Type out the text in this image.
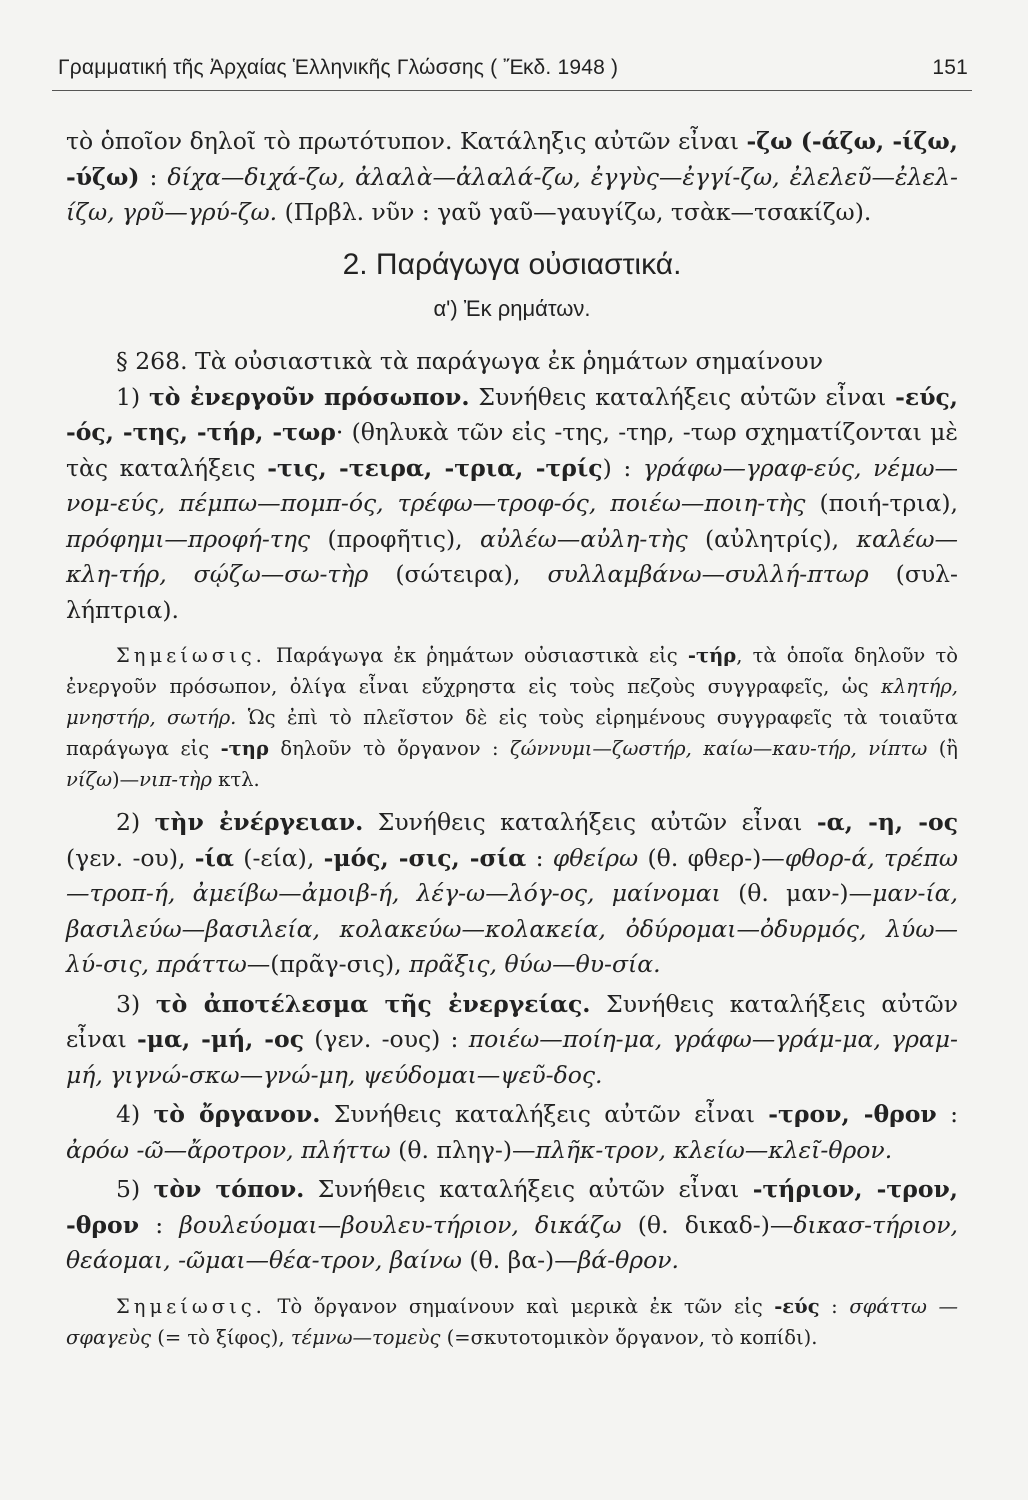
Γραμματική τῆς Ἀρχαίας Ἑλληνικῆς Γλώσσης ( Ἔκδ. 1948 )	151

τὸ ὁποῖον δηλοῖ τὸ πρωτότυπον. Κατάληξις αὐτῶν εἶναι -ζω (-άζω, -ίζω, -ύζω) : δίχα—διχά-ζω, ἀλαλὰ—ἀλαλά-ζω, ἐγγὺς—ἐγγί-ζω, ἐλελεῦ—ἐλελ-ίζω, γρῦ—γρύ-ζω. (Πρβλ. νῦν : γαῦ γαῦ—γαυγίζω, τσὰκ—τσακίζω).

2. Παράγωγα οὐσιαστικά.

α') Ἐκ ρημάτων.

§ 268. Τὰ οὐσιαστικὰ τὰ παράγωγα ἐκ ῥημάτων σημαίνουν

1) τὸ ἐνεργοῦν πρόσωπον. Συνήθεις καταλήξεις αὐτῶν εἶναι -εύς, -ός, -της, -τήρ, -τωρ· (θηλυκὰ τῶν εἰς -της, -τηρ, -τωρ σχηματίζονται μὲ τὰς καταλήξεις -τις, -τειρα, -τρια, -τρίς) : γράφω—γραφ-εύς, νέμω—νομ-εύς, πέμπω—πομπ-ός, τρέφω—τροφ-ός, ποιέω—ποιη-τὴς (ποιή-τρια), πρόφημι—προφή-της (προφῆτις), αὐλέω—αὐλη-τὴς (αὐλητρίς), καλέω—κλη-τήρ, σῴζω—σω-τὴρ (σώτειρα), συλλαμβάνω—συλλή-πτωρ (συλ-λήπτρια).

Σημείωσις. Παράγωγα ἐκ ῥημάτων οὐσιαστικὰ εἰς -τήρ, τὰ ὁποῖα δηλοῦν τὸ ἐνεργοῦν πρόσωπον, ὀλίγα εἶναι εὔχρηστα εἰς τοὺς πεζοὺς συγγραφεῖς, ὡς κλητήρ, μνηστήρ, σωτήρ. Ὡς ἐπὶ τὸ πλεῖστον δὲ εἰς τοὺς εἰρημένους συγγραφεῖς τὰ τοιαῦτα παράγωγα εἰς -τηρ δηλοῦν τὸ ὄργανον : ζώννυμι—ζωστήρ, καίω—καυ-τήρ, νίπτω (ἢ νίζω)—νιπ-τὴρ κτλ.

2) τὴν ἐνέργειαν. Συνήθεις καταλήξεις αὐτῶν εἶναι -α, -η, -ος (γεν. -ου), -ία (-εία), -μός, -σις, -σία : φθείρω (θ. φθερ-)—φθορ-ά, τρέπω—τροπ-ή, ἀμείβω—ἀμοιβ-ή, λέγ-ω—λόγ-ος, μαίνομαι (θ. μαν-)—μαν-ία, βασιλεύω—βασιλεία, κολακεύω—κολακεία, ὀδύρομαι—ὀδυρμός, λύω—λύ-σις, πράττω—(πρᾶγ-σις), πρᾶξις, θύω—θυ-σία.

3) τὸ ἀποτέλεσμα τῆς ἐνεργείας. Συνήθεις καταλήξεις αὐτῶν εἶναι -μα, -μή, -ος (γεν. -ους) : ποιέω—ποίη-μα, γράφω—γράμ-μα, γραμ-μή, γιγνώ-σκω—γνώ-μη, ψεύδομαι—ψεῦ-δος.

4) τὸ ὄργανον. Συνήθεις καταλήξεις αὐτῶν εἶναι -τρον, -θρον : ἀρόω -ῶ—ἄροτρον, πλήττω (θ. πληγ-)—πλῆκ-τρον, κλείω—κλεῖ-θρον.

5) τὸν τόπον. Συνήθεις καταλήξεις αὐτῶν εἶναι -τήριον, -τρον, -θρον : βουλεύομαι—βουλευ-τήριον, δικάζω (θ. δικαδ-)—δικασ-τήριον, θεάομαι, -ῶμαι—θέα-τρον, βαίνω (θ. βα-)—βά-θρον.

Σημείωσις. Τὸ ὄργανον σημαίνουν καὶ μερικὰ ἐκ τῶν εἰς -εύς : σφάττω — σφαγεὺς (= τὸ ξίφος), τέμνω—τομεὺς (=σκυτοτομικὸν ὄργανον, τὸ κοπίδι).
